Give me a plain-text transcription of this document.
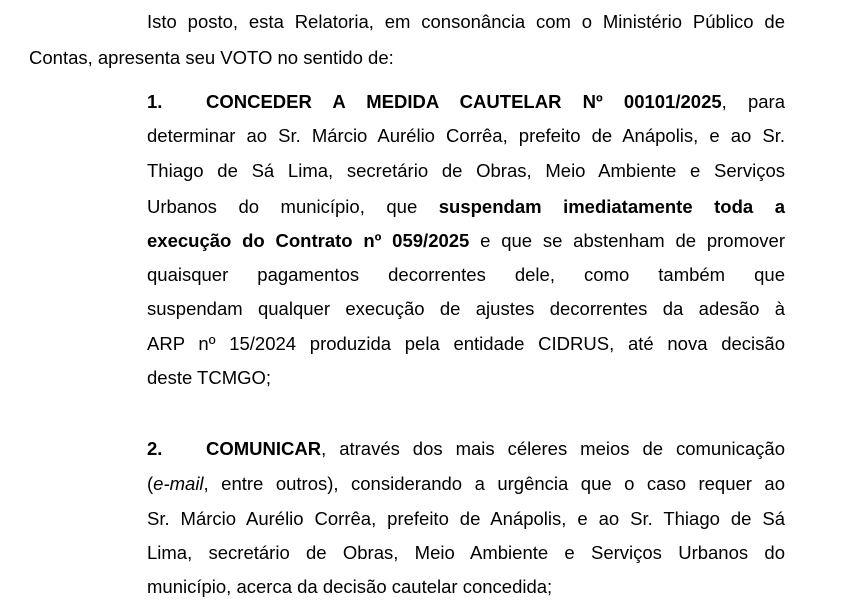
Isto posto, esta Relatoria, em consonância com o Ministério Público de
Contas, apresenta seu VOTO no sentido de:
1. CONCEDER A MEDIDA CAUTELAR Nº 00101/2025, para
determinar ao Sr. Márcio Aurélio Corrêa, prefeito de Anápolis, e ao Sr.
Thiago de Sá Lima, secretário de Obras, Meio Ambiente e Serviços
Urbanos do município, que suspendam imediatamente toda a
execução do Contrato nº 059/2025 e que se abstenham de promover
quaisquer pagamentos decorrentes dele, como também que
suspendam qualquer execução de ajustes decorrentes da adesão à
ARP nº 15/2024 produzida pela entidade CIDRUS, até nova decisão
deste TCMGO;
2. COMUNICAR, através dos mais céleres meios de comunicação
(e-mail, entre outros), considerando a urgência que o caso requer ao
Sr. Márcio Aurélio Corrêa, prefeito de Anápolis, e ao Sr. Thiago de Sá
Lima, secretário de Obras, Meio Ambiente e Serviços Urbanos do
município, acerca da decisão cautelar concedida;
